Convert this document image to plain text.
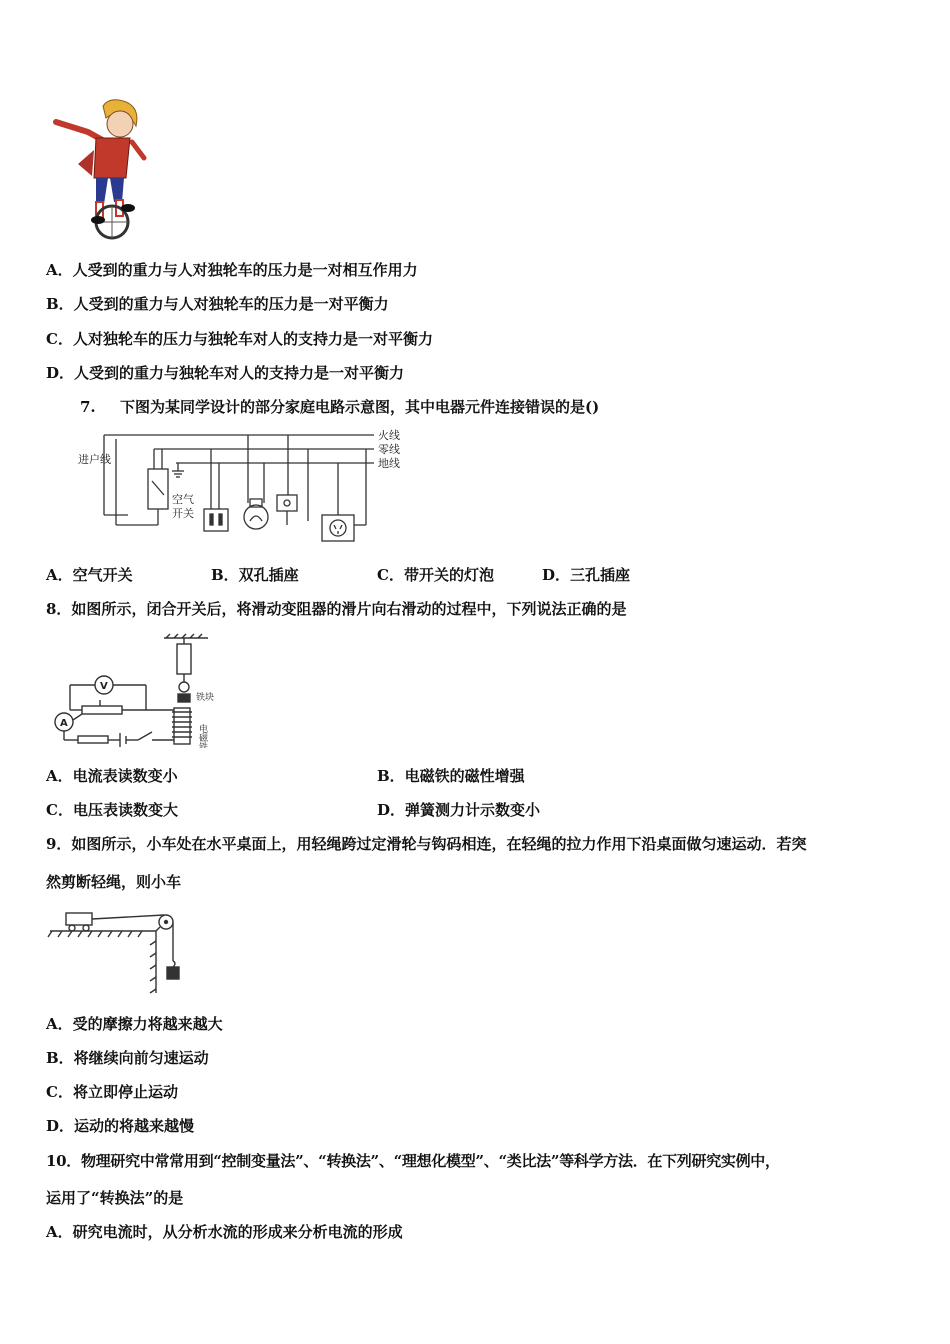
A．人受到的重力与人对独轮车的压力是一对相互作用力
B．人受到的重力与人对独轮车的压力是一对平衡力
C．人对独轮车的压力与独轮车对人的支持力是一对平衡力
D．人受到的重力与独轮车对人的支持力是一对平衡力
7. 下图为某同学设计的部分家庭电路示意图，其中电器元件连接错误的是()
火线
零线
地线
进户线
空气
开关
A．空气开关	B．双孔插座	C．带开关的灯泡	D．三孔插座
8．如图所示，闭合开关后，将滑动变阻器的滑片向右滑动的过程中，下列说法正确的是
V
A
铁块
电磁铁
A．电流表读数变小	B．电磁铁的磁性增强
C．电压表读数变大	D．弹簧测力计示数变小
9．如图所示，小车处在水平桌面上，用轻绳跨过定滑轮与钩码相连，在轻绳的拉力作用下沿桌面做匀速运动．若突
然剪断轻绳，则小车
A．受的摩擦力将越来越大
B．将继续向前匀速运动
C．将立即停止运动
D．运动的将越来越慢
10．物理研究中常常用到“控制变量法”、“转换法”、“理想化模型”、“类比法”等科学方法．在下列研究实例中，
运用了“转换法”的是
A．研究电流时，从分析水流的形成来分析电流的形成
